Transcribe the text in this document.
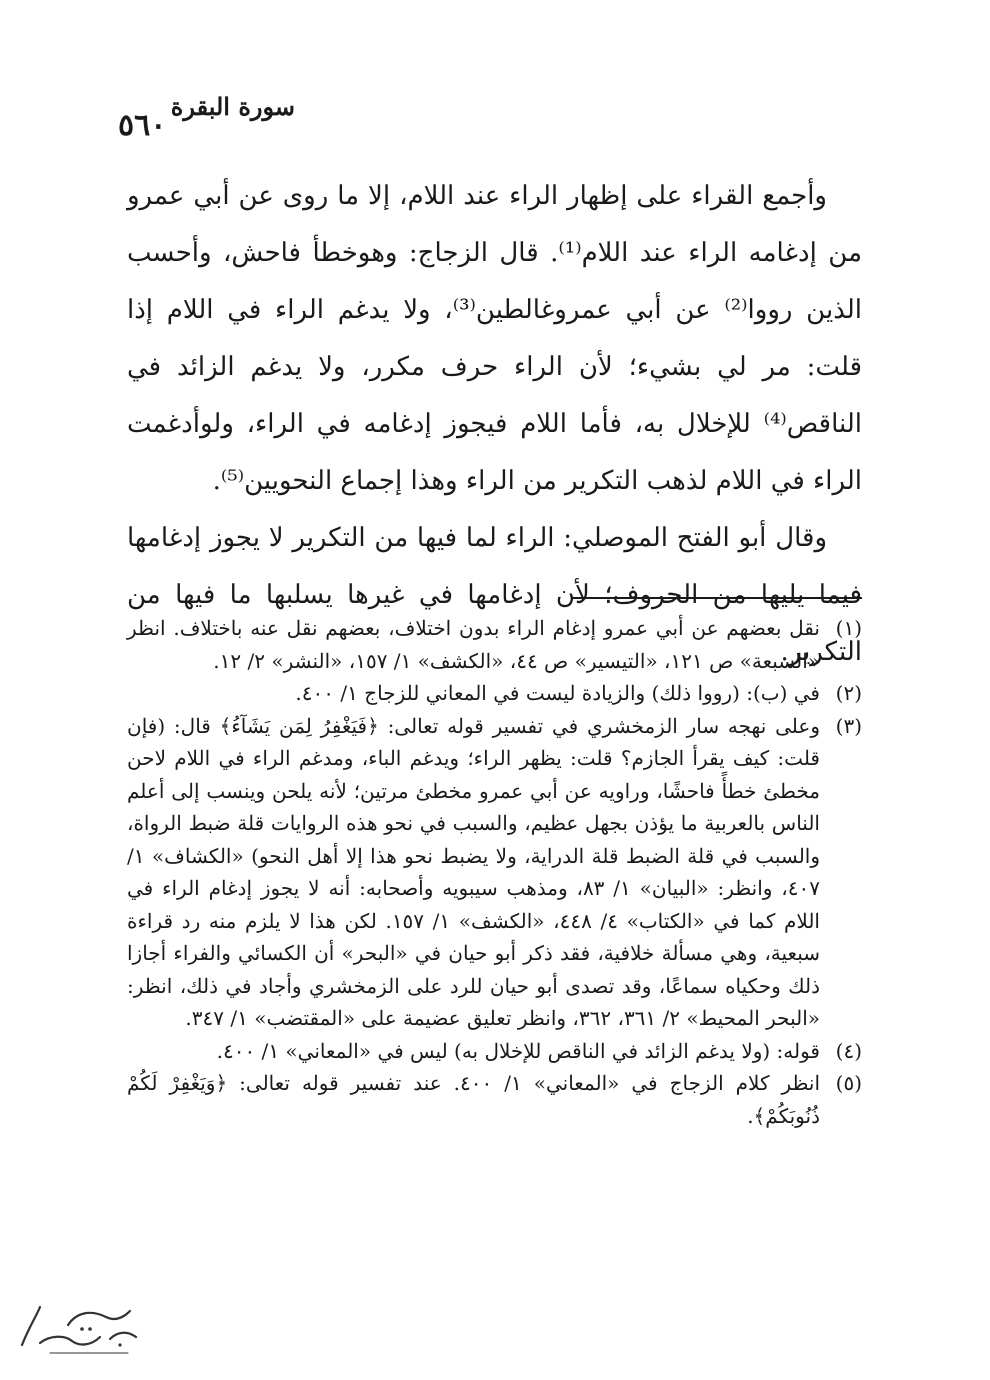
سورة البقرة
٥٦٠

وأجمع القراء على إظهار الراء عند اللام، إلا ما روى عن أبي عمرو من إدغامه الراء عند اللام⁽¹⁾. قال الزجاج: وهوخطأ فاحش، وأحسب الذين رووا⁽²⁾ عن أبي عمروغالطين⁽³⁾، ولا يدغم الراء في اللام إذا قلت: مر لي بشيء؛ لأن الراء حرف مكرر، ولا يدغم الزائد في الناقص⁽⁴⁾ للإخلال به، فأما اللام فيجوز إدغامه في الراء، ولوأدغمت الراء في اللام لذهب التكرير من الراء وهذا إجماع النحويين⁽⁵⁾.

وقال أبو الفتح الموصلي: الراء لما فيها من التكرير لا يجوز إدغامها فيما يليها من الحروف؛ لأن إدغامها في غيرها يسلبها ما فيها من التكرير.

(١)
نقل بعضهم عن أبي عمرو إدغام الراء بدون اختلاف، بعضهم نقل عنه باختلاف. انظر «السبعة» ص ١٢١، «التيسير» ص ٤٤، «الكشف» ١/ ١٥٧، «النشر» ٢/ ١٢.
(٢)
في (ب): (رووا ذلك) والزيادة ليست في المعاني للزجاج ١/ ٤٠٠.
(٣)
وعلى نهجه سار الزمخشري في تفسير قوله تعالى: ﴿فَيَغْفِرُ لِمَن يَشَآءُ﴾ قال: (فإن قلت: كيف يقرأ الجازم؟ قلت: يظهر الراء؛ ويدغم الباء، ومدغم الراء في اللام لاحن مخطئ خطأً فاحشًا، وراويه عن أبي عمرو مخطئ مرتين؛ لأنه يلحن وينسب إلى أعلم الناس بالعربية ما يؤذن بجهل عظيم، والسبب في نحو هذه الروايات قلة ضبط الرواة، والسبب في قلة الضبط قلة الدراية، ولا يضبط نحو هذا إلا أهل النحو) «الكشاف» ١/ ٤٠٧، وانظر: «البيان» ١/ ٨٣، ومذهب سيبويه وأصحابه: أنه لا يجوز إدغام الراء في اللام كما في «الكتاب» ٤/ ٤٤٨، «الكشف» ١/ ١٥٧. لكن هذا لا يلزم منه رد قراءة سبعية، وهي مسألة خلافية، فقد ذكر أبو حيان في «البحر» أن الكسائي والفراء أجازا ذلك وحكياه سماعًا، وقد تصدى أبو حيان للرد على الزمخشري وأجاد في ذلك، انظر: «البحر المحيط» ٢/ ٣٦١، ٣٦٢، وانظر تعليق عضيمة على «المقتضب» ١/ ٣٤٧.
(٤)
قوله: (ولا يدغم الزائد في الناقص للإخلال به) ليس في «المعاني» ١/ ٤٠٠.
(٥)
انظر كلام الزجاج في «المعاني» ١/ ٤٠٠. عند تفسير قوله تعالى: ﴿وَيَغْفِرْ لَكُمْ ذُنُوبَكُمْ﴾.
